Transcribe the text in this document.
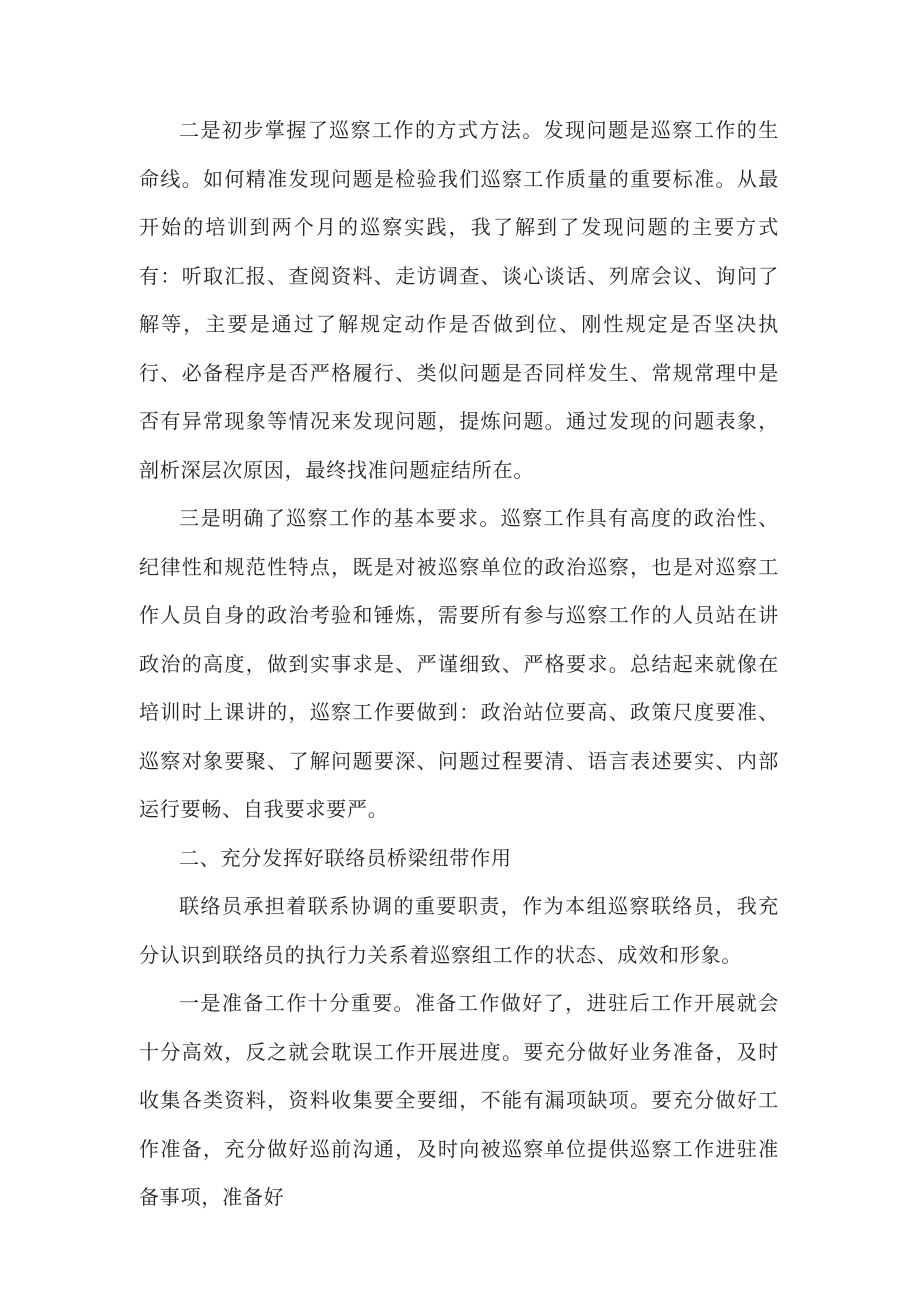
二是初步掌握了巡察工作的方式方法。发现问题是巡察工作的生命线。如何精准发现问题是检验我们巡察工作质量的重要标准。从最开始的培训到两个月的巡察实践，我了解到了发现问题的主要方式有：听取汇报、查阅资料、走访调查、谈心谈话、列席会议、询问了解等，主要是通过了解规定动作是否做到位、刚性规定是否坚决执行、必备程序是否严格履行、类似问题是否同样发生、常规常理中是否有异常现象等情况来发现问题，提炼问题。通过发现的问题表象，剖析深层次原因，最终找准问题症结所在。

三是明确了巡察工作的基本要求。巡察工作具有高度的政治性、纪律性和规范性特点，既是对被巡察单位的政治巡察，也是对巡察工作人员自身的政治考验和锤炼，需要所有参与巡察工作的人员站在讲政治的高度，做到实事求是、严谨细致、严格要求。总结起来就像在培训时上课讲的，巡察工作要做到：政治站位要高、政策尺度要准、巡察对象要聚、了解问题要深、问题过程要清、语言表述要实、内部运行要畅、自我要求要严。

二、充分发挥好联络员桥梁纽带作用

联络员承担着联系协调的重要职责，作为本组巡察联络员，我充分认识到联络员的执行力关系着巡察组工作的状态、成效和形象。

一是准备工作十分重要。准备工作做好了，进驻后工作开展就会十分高效，反之就会耽误工作开展进度。要充分做好业务准备，及时收集各类资料，资料收集要全要细，不能有漏项缺项。要充分做好工作准备，充分做好巡前沟通，及时向被巡察单位提供巡察工作进驻准备事项，准备好
